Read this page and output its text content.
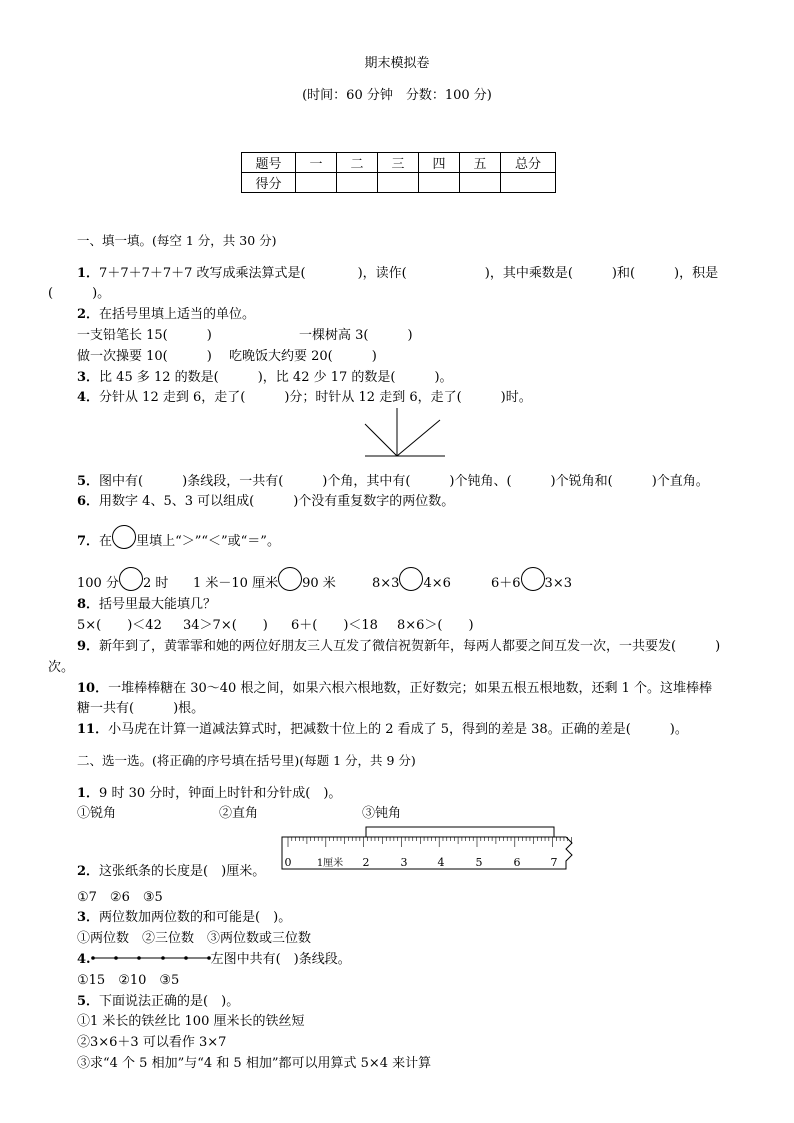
期末模拟卷
(时间：60 分钟　分数：100 分)
题号	一	二	三	四	五	总分
得分						
一、填一填。(每空 1 分，共 30 分)
1．7＋7＋7＋7＋7 改写成乘法算式是(　　　　)，读作(　　　　　　)，其中乘数是(　　　)和(　　　)，积是
(　　　)。
2．在括号里填上适当的单位。
一支铅笔长 15(　　　)	一棵树高 3(　　　)
做一次操要 10(　　　) 吃晚饭大约要 20(　　　)
3．比 45 多 12 的数是(　　　)，比 42 少 17 的数是(　　　)。
4．分针从 12 走到 6，走了(　　　)分；时针从 12 走到 6，走了(　　　)时。
5．图中有(　　　)条线段，一共有(　　　)个角，其中有(　　　)个钝角、(　　　)个锐角和(　　　)个直角。
6．用数字 4、5、3 可以组成(　　　)个没有重复数字的两位数。
7．在 里填上“＞”“＜”或“＝”。
100 分 2 时 1 米－10 厘米 90 米	8×3 4×6	6＋6 3×3
8．括号里最大能填几？
5×(　　)＜42 34＞7×(　　) 6＋(　　)＜18 8×6＞(　　)
9．新年到了，黄霏霏和她的两位好朋友三人互发了微信祝贺新年，每两人都要之间互发一次，一共要发(　　　)
次。
10．一堆棒棒糖在 30～40 根之间，如果六根六根地数，正好数完；如果五根五根地数，还剩 1 个。这堆棒棒
糖一共有(　　　)根。
11．小马虎在计算一道减法算式时，把减数十位上的 2 看成了 5，得到的差是 38。正确的差是(　　　)。
二、选一选。(将正确的序号填在括号里)(每题 1 分，共 9 分)
1．9 时 30 分时，钟面上时针和分针成(　)。
①锐角	②直角	③钝角
0	1厘米 2	3	4	5	6	7
2．这张纸条的长度是(　)厘米。
①7　②6　③5
3．两位数加两位数的和可能是(　)。
①两位数　②三位数　③两位数或三位数
4.	左图中共有(　)条线段。
①15　②10　③5
5．下面说法正确的是(　)。
①1 米长的铁丝比 100 厘米长的铁丝短
②3×6＋3 可以看作 3×7
③求“4 个 5 相加”与“4 和 5 相加”都可以用算式 5×4 来计算
